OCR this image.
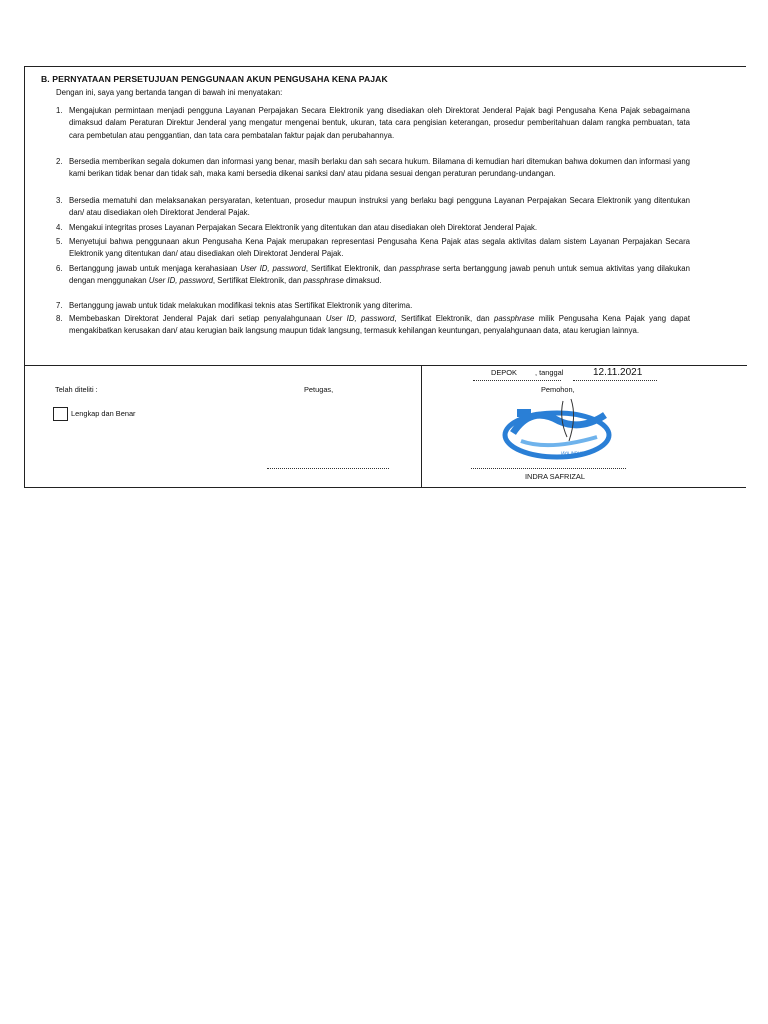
B. PERNYATAAN PERSETUJUAN PENGGUNAAN AKUN PENGUSAHA KENA PAJAK
Dengan ini, saya yang bertanda tangan di bawah ini menyatakan:
1. Mengajukan permintaan menjadi pengguna Layanan Perpajakan Secara Elektronik yang disediakan oleh Direktorat Jenderal Pajak bagi Pengusaha Kena Pajak sebagaimana dimaksud dalam Peraturan Direktur Jenderal yang mengatur mengenai bentuk, ukuran, tata cara pengisian keterangan, prosedur pemberitahuan dalam rangka pembuatan, tata cara pembetulan atau penggantian, dan tata cara pembatalan faktur pajak dan perubahannya.
2. Bersedia memberikan segala dokumen dan informasi yang benar, masih berlaku dan sah secara hukum. Bilamana di kemudian hari ditemukan bahwa dokumen dan informasi yang kami berikan tidak benar dan tidak sah, maka kami bersedia dikenai sanksi dan/ atau pidana sesuai dengan peraturan perundang-undangan.
3. Bersedia mematuhi dan melaksanakan persyaratan, ketentuan, prosedur maupun instruksi yang berlaku bagi pengguna Layanan Perpajakan Secara Elektronik yang ditentukan dan/ atau disediakan oleh Direktorat Jenderal Pajak.
4. Mengakui integritas proses Layanan Perpajakan Secara Elektronik yang ditentukan dan atau disediakan oleh Direktorat Jenderal Pajak.
5. Menyetujui bahwa penggunaan akun Pengusaha Kena Pajak merupakan representasi Pengusaha Kena Pajak atas segala aktivitas dalam sistem Layanan Perpajakan Secara Elektronik yang ditentukan dan/ atau disediakan oleh Direktorat Jenderal Pajak.
6. Bertanggung jawab untuk menjaga kerahasiaan User ID, password, Sertifikat Elektronik, dan passphrase serta bertanggung jawab penuh untuk semua aktivitas yang dilakukan dengan menggunakan User ID, password, Sertifikat Elektronik, dan passphrase dimaksud.
7. Bertanggung jawab untuk tidak melakukan modifikasi teknis atas Sertifikat Elektronik yang diterima.
8. Membebaskan Direktorat Jenderal Pajak dari setiap penyalahgunaan User ID, password, Sertifikat Elektronik, dan passphrase milik Pengusaha Kena Pajak yang dapat mengakibatkan kerusakan dan/ atau kerugian baik langsung maupun tidak langsung, termasuk kehilangan keuntungan, penyalahgunaan data, atau kerugian lainnya.
Telah diteliti :
Lengkap dan Benar
Petugas,
DEPOK , tanggal	12.11.2021
Pemohon,
JAYA INDUSTRI
INDRA SAFRIZAL
